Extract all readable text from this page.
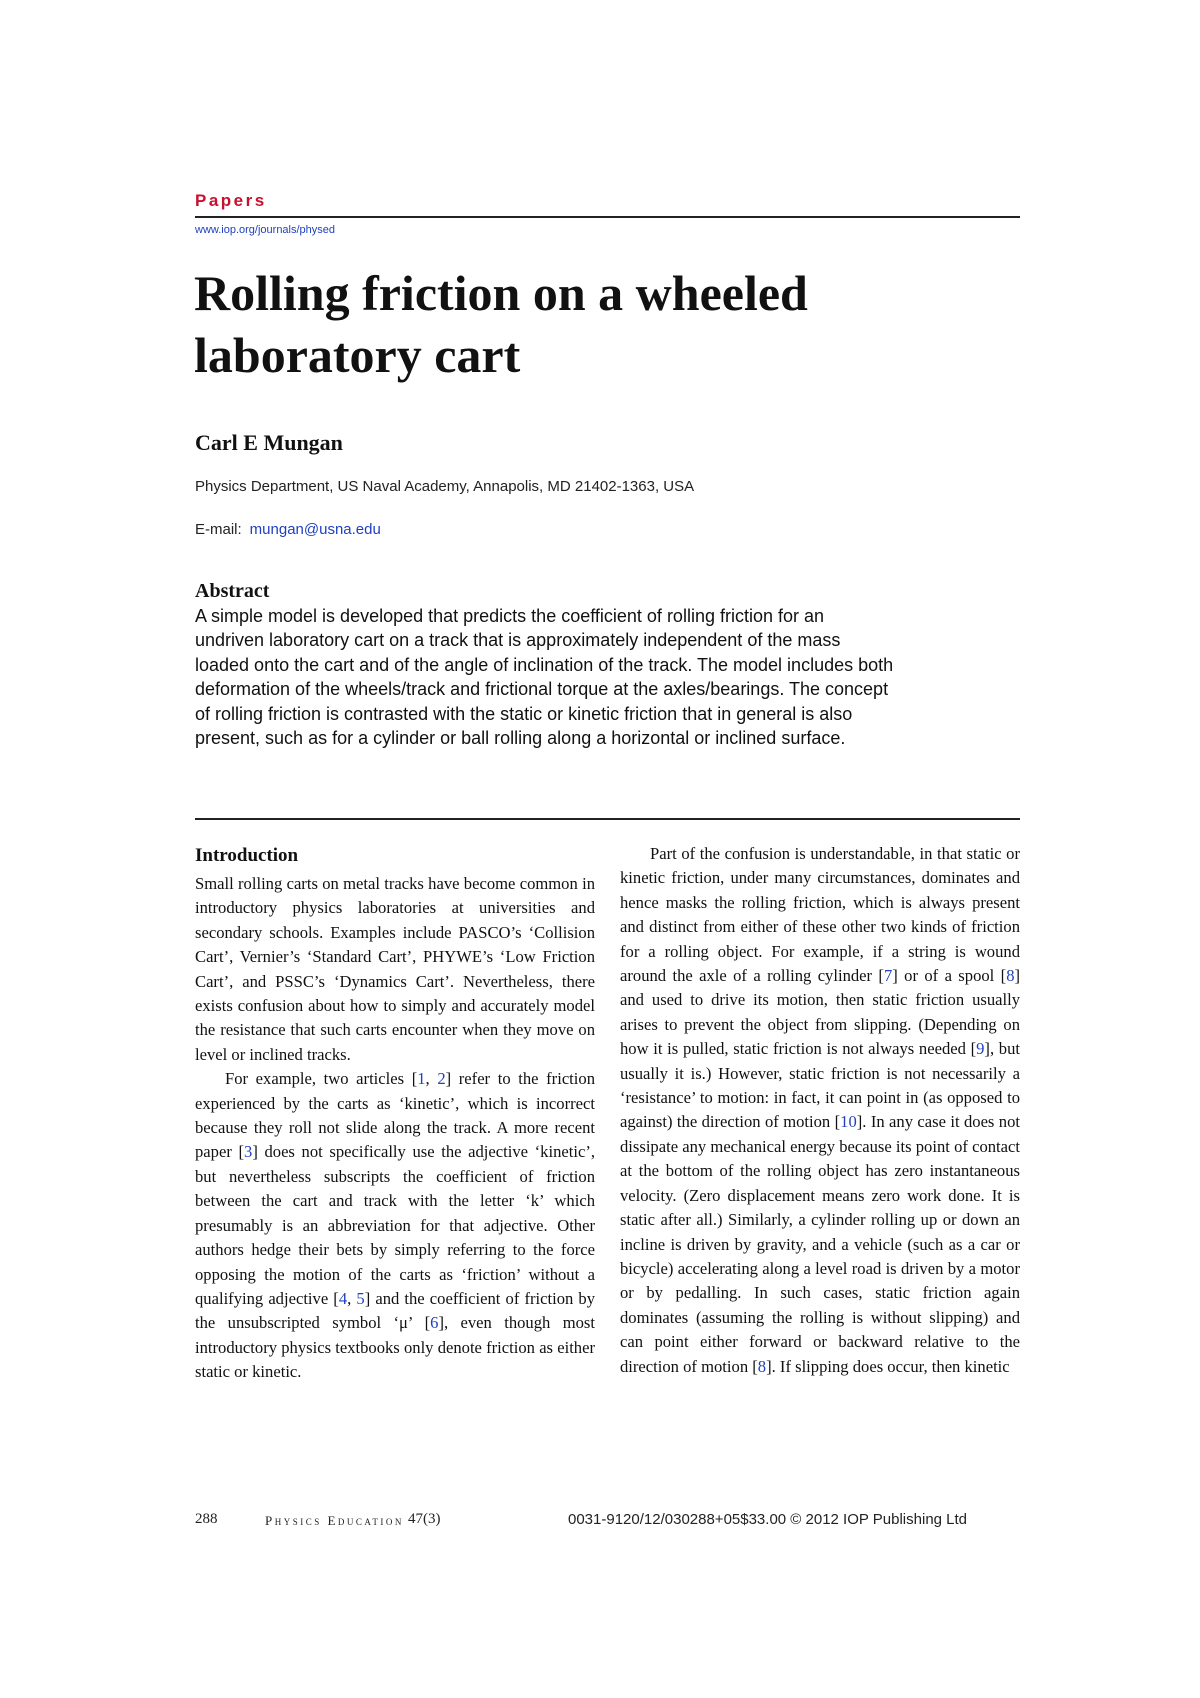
Papers
www.iop.org/journals/physed
Rolling friction on a wheeled laboratory cart
Carl E Mungan
Physics Department, US Naval Academy, Annapolis, MD 21402-1363, USA
E-mail: mungan@usna.edu
Abstract
A simple model is developed that predicts the coefficient of rolling friction for an undriven laboratory cart on a track that is approximately independent of the mass loaded onto the cart and of the angle of inclination of the track. The model includes both deformation of the wheels/track and frictional torque at the axles/bearings. The concept of rolling friction is contrasted with the static or kinetic friction that in general is also present, such as for a cylinder or ball rolling along a horizontal or inclined surface.
Introduction

Small rolling carts on metal tracks have become common in introductory physics laboratories at universities and secondary schools. Examples include PASCO’s ‘Collision Cart’, Vernier’s ‘Standard Cart’, PHYWE’s ‘Low Friction Cart’, and PSSC’s ‘Dynamics Cart’. Nevertheless, there exists confusion about how to simply and accurately model the resistance that such carts encounter when they move on level or inclined tracks.

For example, two articles [1, 2] refer to the friction experienced by the carts as ‘kinetic’, which is incorrect because they roll not slide along the track. A more recent paper [3] does not specifically use the adjective ‘kinetic’, but nevertheless subscripts the coefficient of friction between the cart and track with the letter ‘k’ which presumably is an abbreviation for that adjective. Other authors hedge their bets by simply referring to the force opposing the motion of the carts as ‘friction’ without a qualifying adjective [4, 5] and the coefficient of friction by the unsubscripted symbol ‘μ’ [6], even though most introductory physics textbooks only denote friction as either static or kinetic.

Part of the confusion is understandable, in that static or kinetic friction, under many circumstances, dominates and hence masks the rolling friction, which is always present and distinct from either of these other two kinds of friction for a rolling object. For example, if a string is wound around the axle of a rolling cylinder [7] or of a spool [8] and used to drive its motion, then static friction usually arises to prevent the object from slipping. (Depending on how it is pulled, static friction is not always needed [9], but usually it is.) However, static friction is not necessarily a ‘resistance’ to motion: in fact, it can point in (as opposed to against) the direction of motion [10]. In any case it does not dissipate any mechanical energy because its point of contact at the bottom of the rolling object has zero instantaneous velocity. (Zero displacement means zero work done. It is static after all.) Similarly, a cylinder rolling up or down an incline is driven by gravity, and a vehicle (such as a car or bicycle) accelerating along a level road is driven by a motor or by pedalling. In such cases, static friction again dominates (assuming the rolling is without slipping) and can point either forward or backward relative to the direction of motion [8]. If slipping does occur, then kinetic

288	Physics Education 47(3)	0031-9120/12/030288+05$33.00 © 2012 IOP Publishing Ltd
